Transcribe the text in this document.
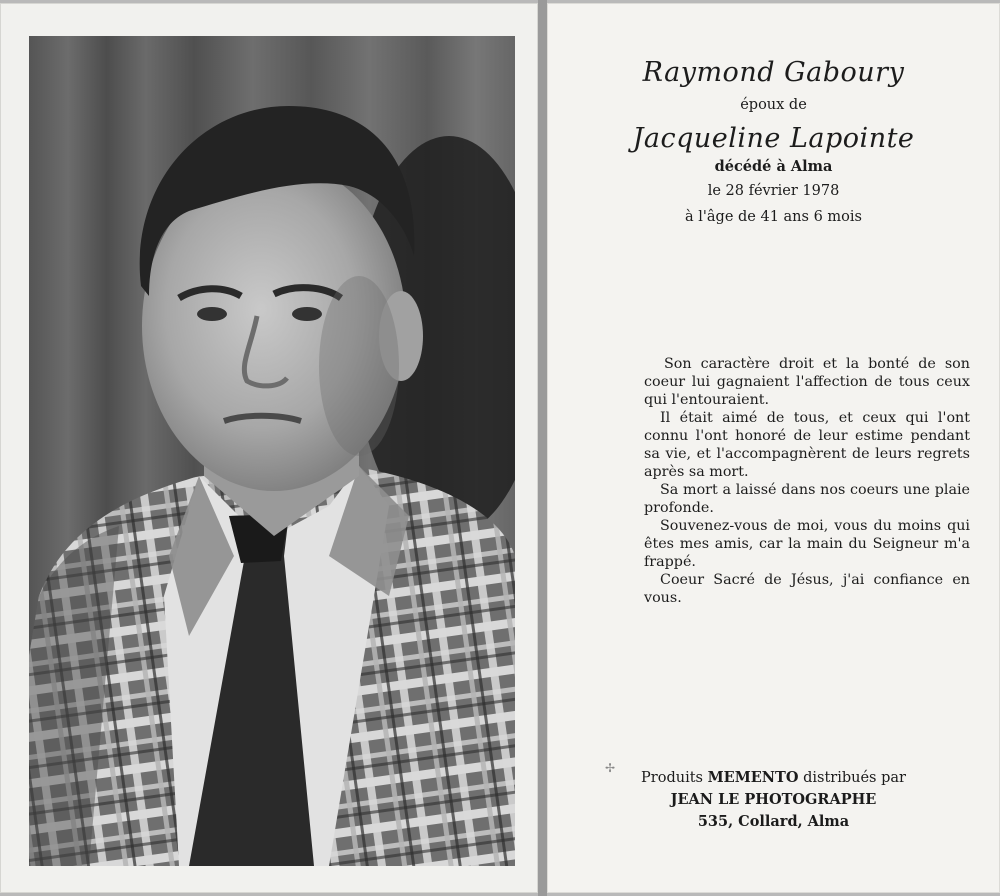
Raymond Gaboury
époux de
Jacqueline Lapointe
décédé à Alma
le 28 février 1978
à l'âge de 41 ans 6 mois

Son caractère droit et la bonté de son coeur lui gagnaient l'affection de tous ceux qui l'entouraient.

Il était aimé de tous, et ceux qui l'ont connu l'ont honoré de leur estime pendant sa vie, et l'accompagnèrent de leurs regrets après sa mort.

Sa mort a laissé dans nos coeurs une plaie profonde.

Souvenez-vous de moi, vous du moins qui êtes mes amis, car la main du Seigneur m'a frappé.

Coeur Sacré de Jésus, j'ai confiance en vous.

Produits MEMENTO distribués par
JEAN LE PHOTOGRAPHE
535, Collard, Alma
✢
